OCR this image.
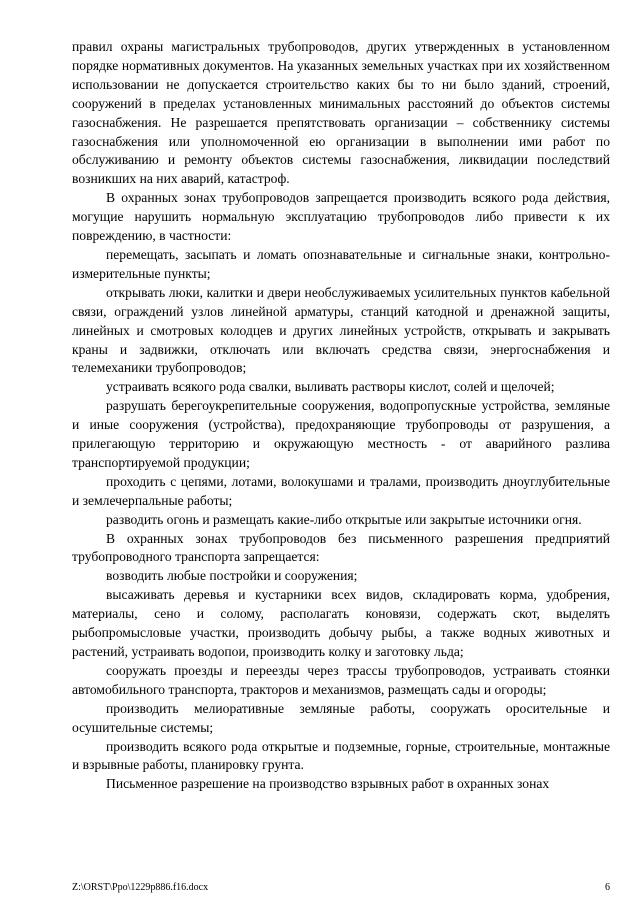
правил охраны магистральных трубопроводов, других утвержденных в установленном порядке нормативных документов. На указанных земельных участках при их хозяйственном использовании не допускается строительство каких бы то ни было зданий, строений, сооружений в пределах установленных минимальных расстояний до объектов системы газоснабжения. Не разрешается препятствовать организации – собственнику системы газоснабжения или уполномоченной ею организации в выполнении ими работ по обслуживанию и ремонту объектов системы газоснабжения, ликвидации последствий возникших на них аварий, катастроф.

В охранных зонах трубопроводов запрещается производить всякого рода действия, могущие нарушить нормальную эксплуатацию трубопроводов либо привести к их повреждению, в частности:

перемещать, засыпать и ломать опознавательные и сигнальные знаки, контрольно-измерительные пункты;

открывать люки, калитки и двери необслуживаемых усилительных пунктов кабельной связи, ограждений узлов линейной арматуры, станций катодной и дренажной защиты, линейных и смотровых колодцев и других линейных устройств, открывать и закрывать краны и задвижки, отключать или включать средства связи, энергоснабжения и телемеханики трубопроводов;

устраивать всякого рода свалки, выливать растворы кислот, солей и щелочей;

разрушать берегоукрепительные сооружения, водопропускные устройства, земляные и иные сооружения (устройства), предохраняющие трубопроводы от разрушения, а прилегающую территорию и окружающую местность - от аварийного разлива транспортируемой продукции;

проходить с цепями, лотами, волокушами и тралами, производить дноуглубительные и землечерпальные работы;

разводить огонь и размещать какие-либо открытые или закрытые источники огня.

В охранных зонах трубопроводов без письменного разрешения предприятий трубопроводного транспорта запрещается:

возводить любые постройки и сооружения;

высаживать деревья и кустарники всех видов, складировать корма, удобрения, материалы, сено и солому, располагать коновязи, содержать скот, выделять рыбопромысловые участки, производить добычу рыбы, а также водных животных и растений, устраивать водопои, производить колку и заготовку льда;

сооружать проезды и переезды через трассы трубопроводов, устраивать стоянки автомобильного транспорта, тракторов и механизмов, размещать сады и огороды;

производить мелиоративные земляные работы, сооружать оросительные и осушительные системы;

производить всякого рода открытые и подземные, горные, строительные, монтажные и взрывные работы, планировку грунта.

Письменное разрешение на производство взрывных работ в охранных зонах

Z:\ORST\Ppo\1229p886.f16.docx	6
